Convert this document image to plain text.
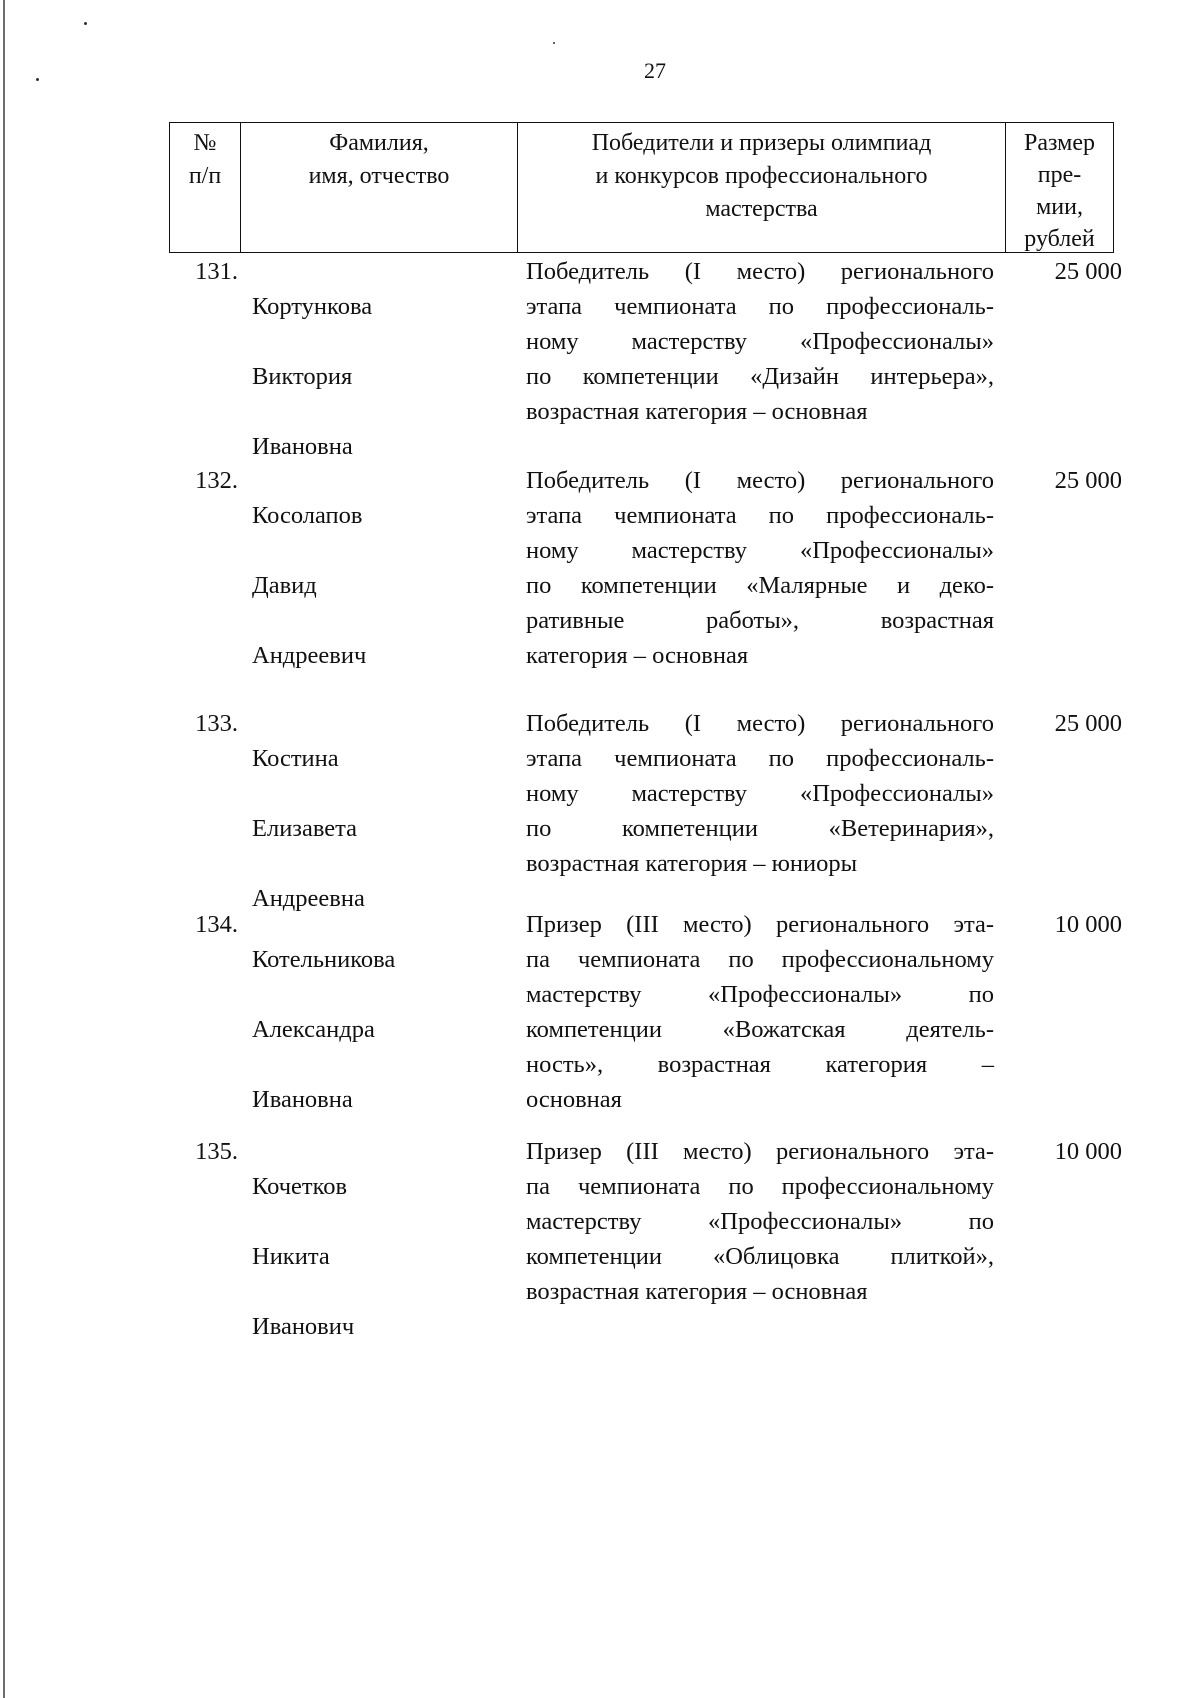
27
№
п/п
Фамилия,
имя, отчество
Победители и призеры олимпиад
и конкурсов профессионального
мастерства
Размер
пре-
мии,
рублей
131.

Кортункова

Виктория

Ивановна

Победитель (I место) регионального
этапа чемпионата по профессиональ-
ному мастерству «Профессионалы»
по компетенции «Дизайн интерьера»,
возрастная категория – основная
25 000
132.

Косолапов

Давид

Андреевич

Победитель (I место) регионального
этапа чемпионата по профессиональ-
ному мастерству «Профессионалы»
по компетенции «Малярные и деко-
ративные работы», возрастная
категория – основная
25 000
133.

Костина

Елизавета

Андреевна

Победитель (I место) регионального
этапа чемпионата по профессиональ-
ному мастерству «Профессионалы»
по компетенции «Ветеринария»,
возрастная категория – юниоры
25 000
134.

Котельникова

Александра

Ивановна

Призер (III место) регионального эта-
па чемпионата по профессиональному
мастерству «Профессионалы» по
компетенции «Вожатская деятель-
ность», возрастная категория –
основная
10 000
135.

Кочетков

Никита

Иванович

Призер (III место) регионального эта-
па чемпионата по профессиональному
мастерству «Профессионалы» по
компетенции «Облицовка плиткой»,
возрастная категория – основная
10 000
